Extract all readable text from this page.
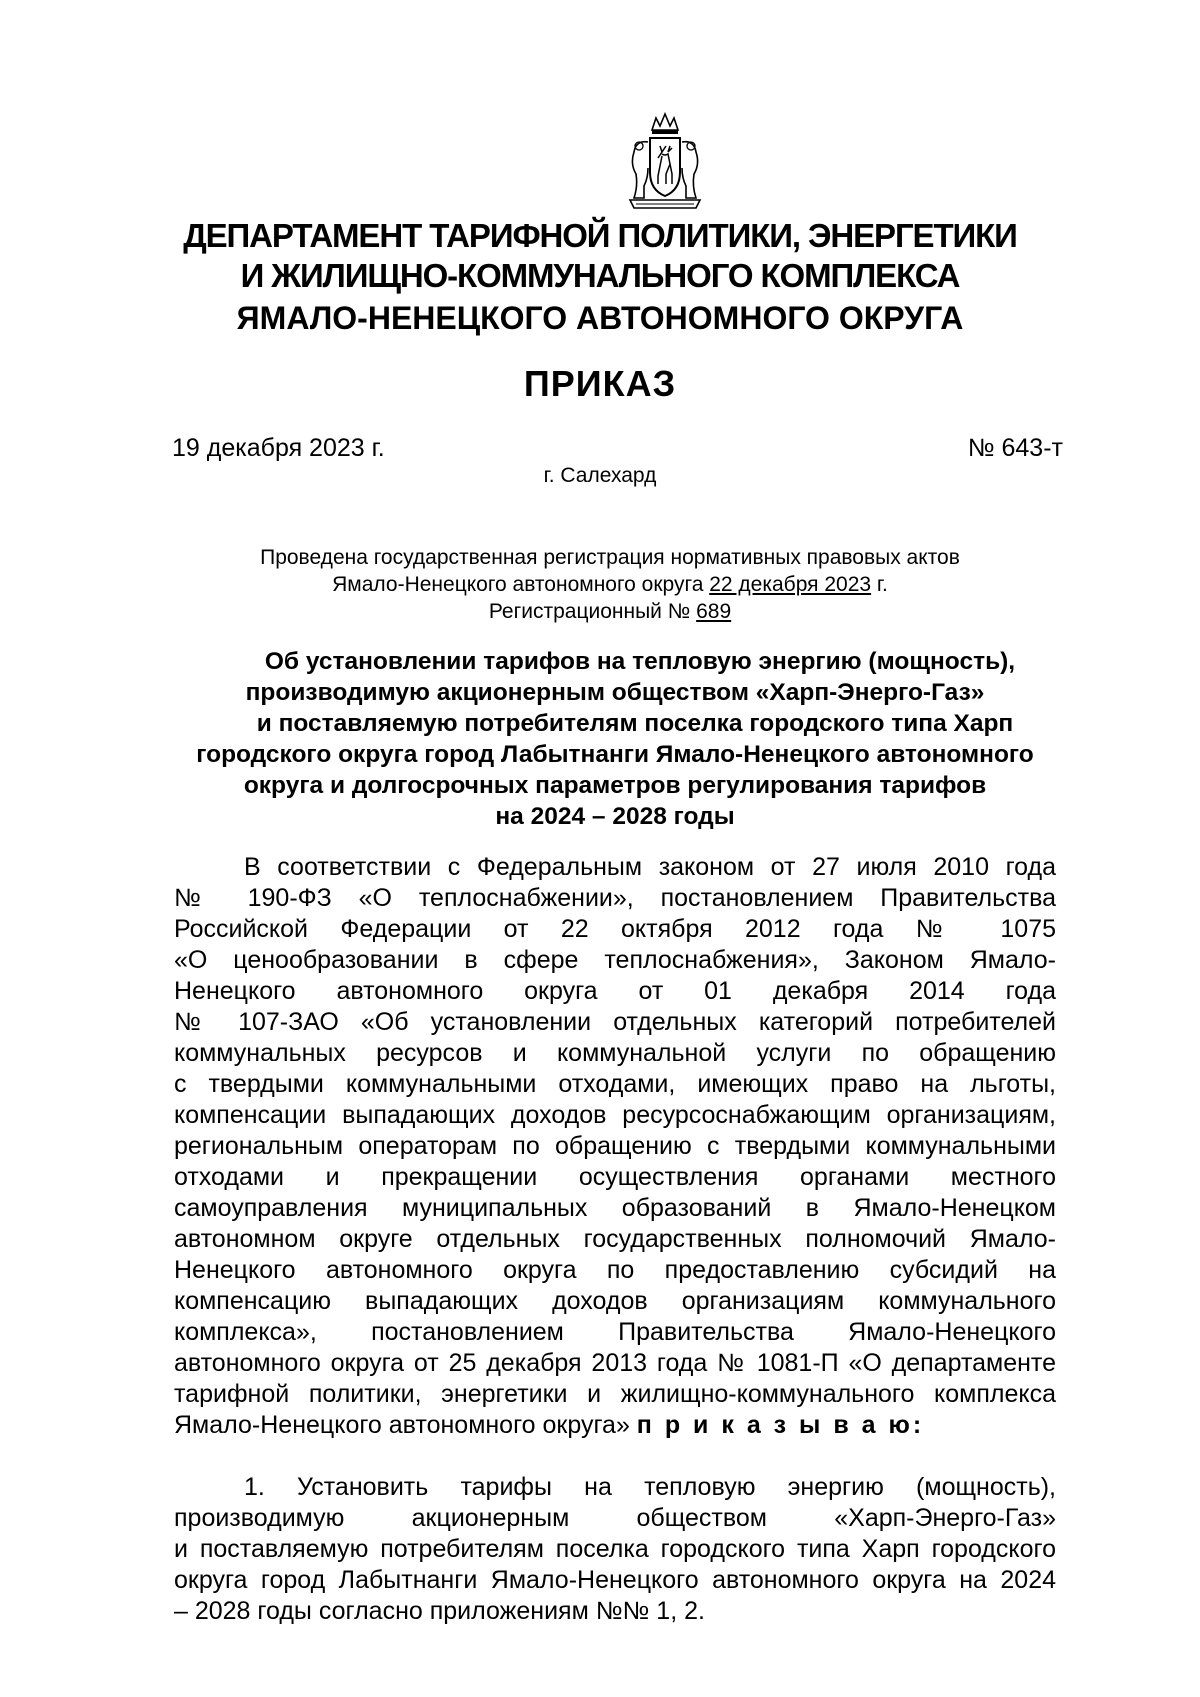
ДЕПАРТАМЕНТ ТАРИФНОЙ ПОЛИТИКИ, ЭНЕРГЕТИКИ
И ЖИЛИЩНО-КОММУНАЛЬНОГО КОМПЛЕКСА
ЯМАЛО-НЕНЕЦКОГО АВТОНОМНОГО ОКРУГА
ПРИКАЗ
19 декабря 2023 г.	№ 643-т
г. Салехард
Проведена государственная регистрация нормативных правовых актов
Ямало-Ненецкого автономного округа 22 декабря 2023 г.
Регистрационный № 689
Об установлении тарифов на тепловую энергию (мощность),
производимую акционерным обществом «Харп-Энерго-Газ»
и поставляемую потребителям поселка городского типа Харп
городского округа город Лабытнанги Ямало-Ненецкого автономного
округа и долгосрочных параметров регулирования тарифов
на 2024 – 2028 годы
В соответствии с Федеральным законом от 27 июля 2010 года
№ 190-ФЗ «О теплоснабжении», постановлением Правительства
Российской Федерации от 22 октября 2012 года № 1075
«О ценообразовании в сфере теплоснабжения», Законом Ямало-
Ненецкого автономного округа от 01 декабря 2014 года
№ 107-ЗАО «Об установлении отдельных категорий потребителей
коммунальных ресурсов и коммунальной услуги по обращению
с твердыми коммунальными отходами, имеющих право на льготы,
компенсации выпадающих доходов ресурсоснабжающим организациям,
региональным операторам по обращению с твердыми коммунальными
отходами и прекращении осуществления органами местного
самоуправления муниципальных образований в Ямало-Ненецком
автономном округе отдельных государственных полномочий Ямало-
Ненецкого автономного округа по предоставлению субсидий на
компенсацию выпадающих доходов организациям коммунального
комплекса», постановлением Правительства Ямало-Ненецкого
автономного округа от 25 декабря 2013 года № 1081-П «О департаменте
тарифной политики, энергетики и жилищно-коммунального комплекса
Ямало-Ненецкого автономного округа» п р и к а з ы в а ю:
1. Установить тарифы на тепловую энергию (мощность),
производимую акционерным обществом «Харп-Энерго-Газ»
и поставляемую потребителям поселка городского типа Харп городского
округа город Лабытнанги Ямало-Ненецкого автономного округа на 2024
– 2028 годы согласно приложениям №№ 1, 2.
